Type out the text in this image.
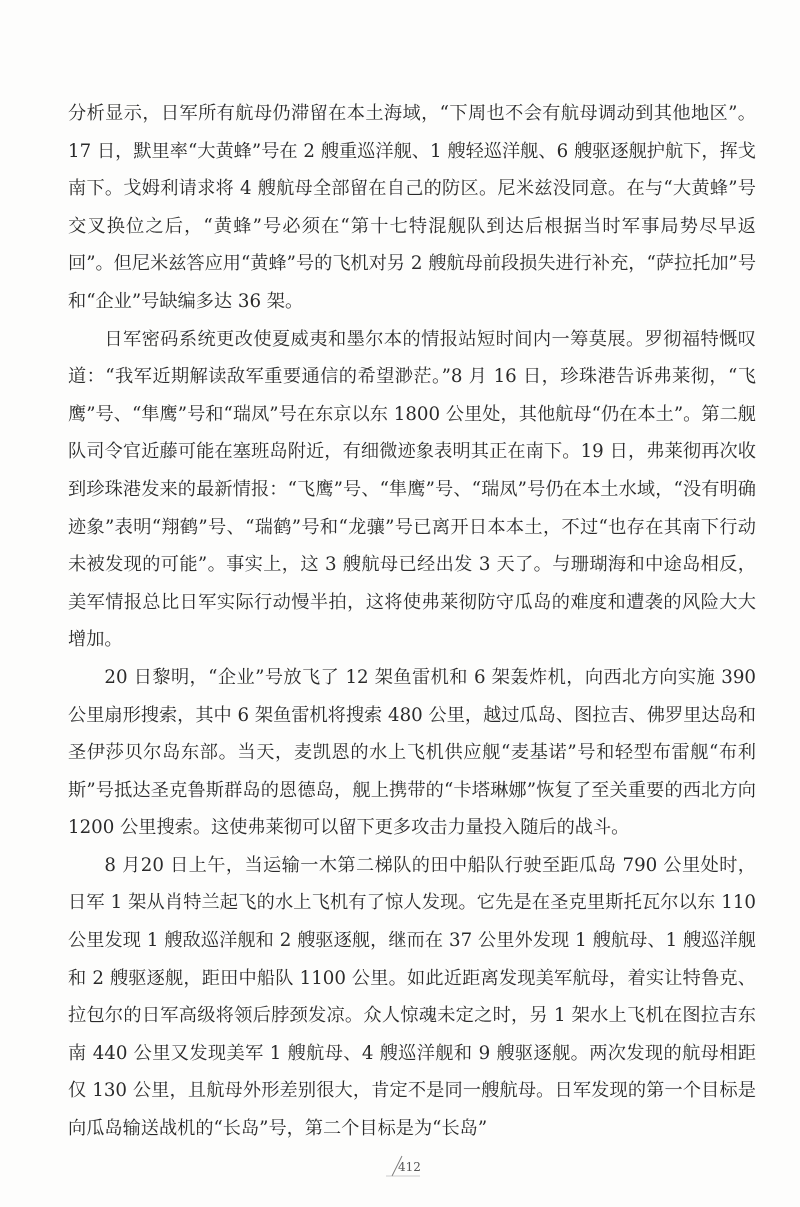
分析显示，日军所有航母仍滞留在本土海域，“下周也不会有航母调动到其他地区”。17 日，默里率“大黄蜂”号在 2 艘重巡洋舰、1 艘轻巡洋舰、6 艘驱逐舰护航下，挥戈南下。戈姆利请求将 4 艘航母全部留在自己的防区。尼米兹没同意。在与“大黄蜂”号交叉换位之后，“黄蜂”号必须在“第十七特混舰队到达后根据当时军事局势尽早返回”。但尼米兹答应用“黄蜂”号的飞机对另 2 艘航母前段损失进行补充，“萨拉托加”号和“企业”号缺编多达 36 架。

日军密码系统更改使夏威夷和墨尔本的情报站短时间内一筹莫展。罗彻福特慨叹道：“我军近期解读敌军重要通信的希望渺茫。”8 月 16 日，珍珠港告诉弗莱彻，“飞鹰”号、“隼鹰”号和“瑞凤”号在东京以东 1800 公里处，其他航母“仍在本土”。第二舰队司令官近藤可能在塞班岛附近，有细微迹象表明其正在南下。19 日，弗莱彻再次收到珍珠港发来的最新情报：“飞鹰”号、“隼鹰”号、“瑞凤”号仍在本土水域，“没有明确迹象”表明“翔鹤”号、“瑞鹤”号和“龙骧”号已离开日本本土，不过“也存在其南下行动未被发现的可能”。事实上，这 3 艘航母已经出发 3 天了。与珊瑚海和中途岛相反，美军情报总比日军实际行动慢半拍，这将使弗莱彻防守瓜岛的难度和遭袭的风险大大增加。

20 日黎明，“企业”号放飞了 12 架鱼雷机和 6 架轰炸机，向西北方向实施 390 公里扇形搜索，其中 6 架鱼雷机将搜索 480 公里，越过瓜岛、图拉吉、佛罗里达岛和圣伊莎贝尔岛东部。当天，麦凯恩的水上飞机供应舰“麦基诺”号和轻型布雷舰“布利斯”号抵达圣克鲁斯群岛的恩德岛，舰上携带的“卡塔琳娜”恢复了至关重要的西北方向 1200 公里搜索。这使弗莱彻可以留下更多攻击力量投入随后的战斗。

8 月20 日上午，当运输一木第二梯队的田中船队行驶至距瓜岛 790 公里处时，日军 1 架从肖特兰起飞的水上飞机有了惊人发现。它先是在圣克里斯托瓦尔以东 110 公里发现 1 艘敌巡洋舰和 2 艘驱逐舰，继而在 37 公里外发现 1 艘航母、1 艘巡洋舰和 2 艘驱逐舰，距田中船队 1100 公里。如此近距离发现美军航母，着实让特鲁克、拉包尔的日军高级将领后脖颈发凉。众人惊魂未定之时，另 1 架水上飞机在图拉吉东南 440 公里又发现美军 1 艘航母、4 艘巡洋舰和 9 艘驱逐舰。两次发现的航母相距仅 130 公里，且航母外形差别很大，肯定不是同一艘航母。日军发现的第一个目标是向瓜岛输送战机的“长岛”号，第二个目标是为“长岛”

412
